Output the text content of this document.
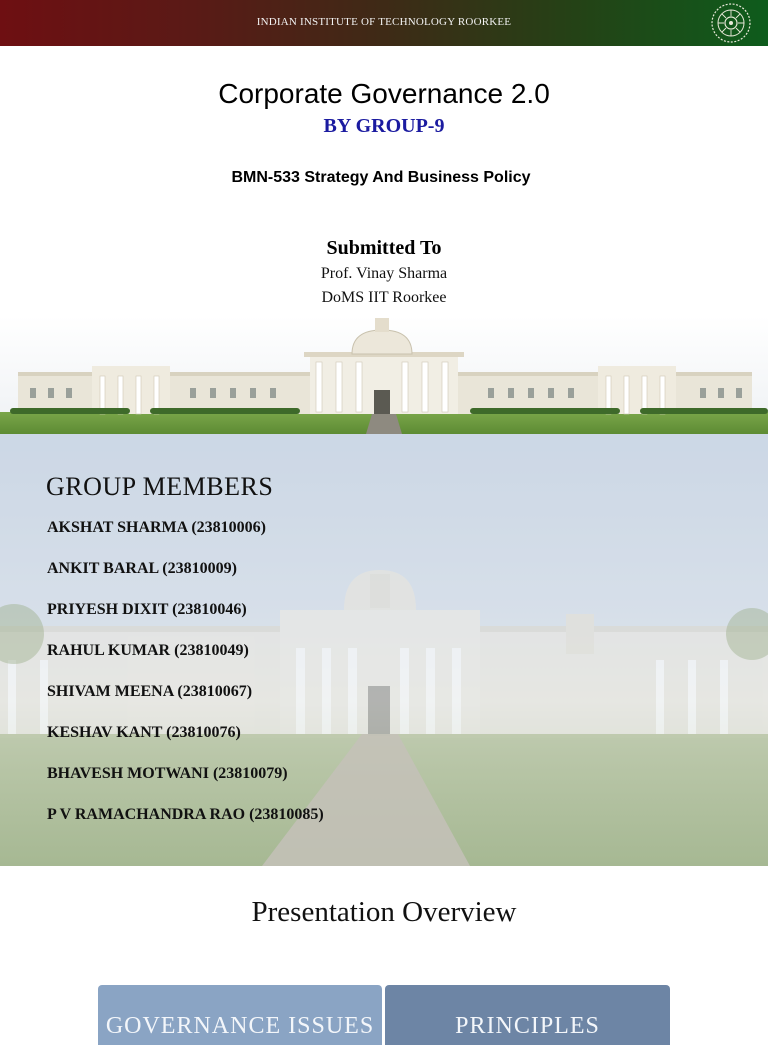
INDIAN INSTITUTE OF TECHNOLOGY ROORKEE
Corporate Governance 2.0
BY GROUP-9
BMN-533 Strategy And Business Policy
Submitted To
Prof. Vinay Sharma
DoMS IIT Roorkee
GROUP MEMBERS
AKSHAT SHARMA (23810006)
ANKIT BARAL (23810009)
PRIYESH DIXIT (23810046)
RAHUL KUMAR (23810049)
SHIVAM MEENA (23810067)
KESHAV KANT (23810076)
BHAVESH MOTWANI (23810079)
P V RAMACHANDRA RAO (23810085)
Presentation Overview
GOVERNANCE ISSUES	PRINCIPLES
